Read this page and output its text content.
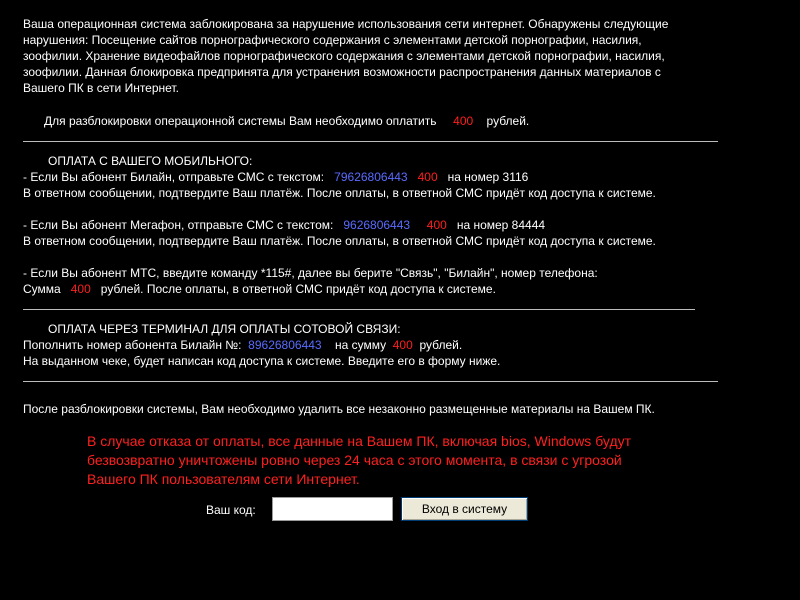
Ваша операционная система заблокирована за нарушение использования сети интернет. Обнаружены следующие
нарушения: Посещение сайтов порнографического содержания с элементами детской порнографии, насилия,
зоофилии. Хранение видеофайлов порнографического содержания с элементами детской порнографии, насилия,
зоофилии. Данная блокировка предпринята для устранения возможности распространения данных материалов с
Вашего ПК в сети Интернет.
Для разблокировки операционной системы Вам необходимо оплатить 400 рублей.
ОПЛАТА С ВАШЕГО МОБИЛЬНОГО:
- Если Вы абонент Билайн, отправьте СМС с текстом: 79626806443 400 на номер 3116
В ответном сообщении, подтвердите Ваш платёж. После оплаты, в ответной СМС придёт код доступа к системе.
- Если Вы абонент Мегафон, отправьте СМС с текстом: 9626806443 400 на номер 84444
В ответном сообщении, подтвердите Ваш платёж. После оплаты, в ответной СМС придёт код доступа к системе.
- Если Вы абонент МТС, введите команду *115#, далее вы берите "Связь", "Билайн", номер телефона:
Сумма 400 рублей. После оплаты, в ответной СМС придёт код доступа к системе.
ОПЛАТА ЧЕРЕЗ ТЕРМИНАЛ ДЛЯ ОПЛАТЫ СОТОВОЙ СВЯЗИ:
Пополнить номер абонента Билайн №: 89626806443 на сумму 400 рублей.
На выданном чеке, будет написан код доступа к системе. Введите его в форму ниже.
После разблокировки системы, Вам необходимо удалить все незаконно размещенные материалы на Вашем ПК.
В случае отказа от оплаты, все данные на Вашем ПК, включая bios, Windows будут
безвозвратно уничтожены ровно через 24 часа с этого момента, в связи с угрозой
Вашего ПК пользователям сети Интернет.
Ваш код:	Вход в систему
